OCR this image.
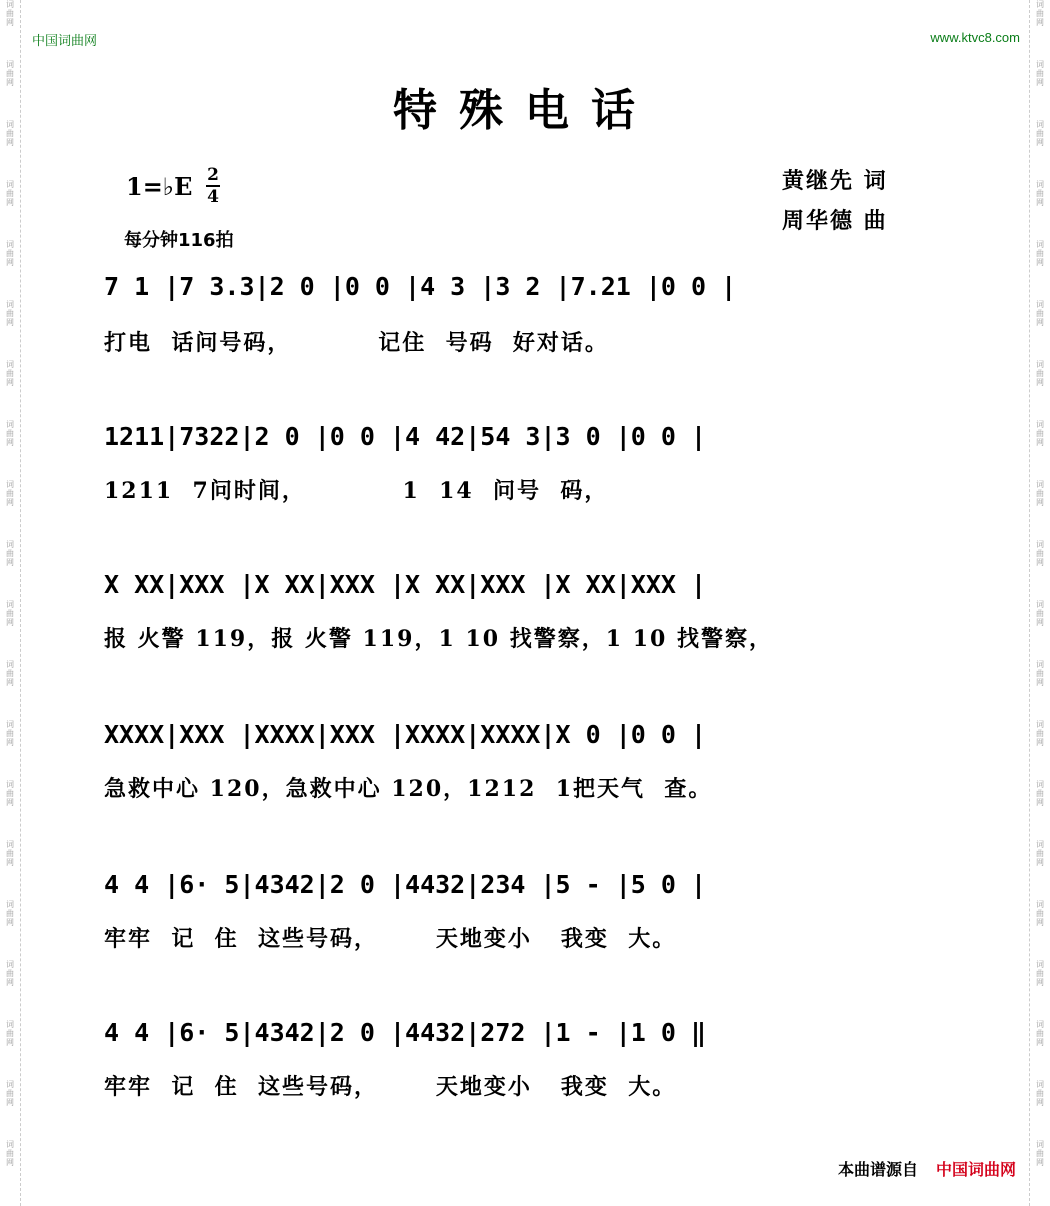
词
曲
网
词
曲
网
词
曲
网
词
曲
网
词
曲
网
词
曲
网
词
曲
网
词
曲
网
词
曲
网
词
曲
网
词
曲
网
词
曲
网
词
曲
网
词
曲
网
词
曲
网
词
曲
网
词
曲
网
词
曲
网
词
曲
网
词
曲
网
词
曲
网
词
曲
网
词
曲
网
词
曲
网
词
曲
网
词
曲
网
词
曲
网
词
曲
网
词
曲
网
词
曲
网
词
曲
网
词
曲
网
词
曲
网
词
曲
网
词
曲
网
词
曲
网
词
曲
网
词
曲
网
词
曲
网
词
曲
网
中国词曲网	www.ktvc8.com
特殊电话
1=♭E 2
4
每分钟116拍
黄继先 词
周华德 曲
7 1 |7 3.3|2 0 |0 0 |4 3 |3 2 |7.21 |0 0 |
打电  话问号码，         记住  号码  好对话。
1211|7322|2 0 |0 0 |4 42|54 3|3 0 |0 0 |
1211  7问时间，          1  14  问号  码，
X XX|XXX |X XX|XXX |X XX|XXX |X XX|XXX |
报 火警 119，报 火警 119，1 10 找警察，1 10 找警察，
XXXX|XXX |XXXX|XXX |XXXX|XXXX|X 0 |0 0 |
急救中心 120，急救中心 120，1212  1把天气  查。
4 4 |6· 5|4342|2 0 |4432|234 |5 - |5 0 |
牢牢  记  住  这些号码，      天地变小   我变  大。
4 4 |6· 5|4342|2 0 |4432|272 |1 - |1 0 ‖
牢牢  记  住  这些号码，      天地变小   我变  大。
本曲谱源自 中国词曲网
